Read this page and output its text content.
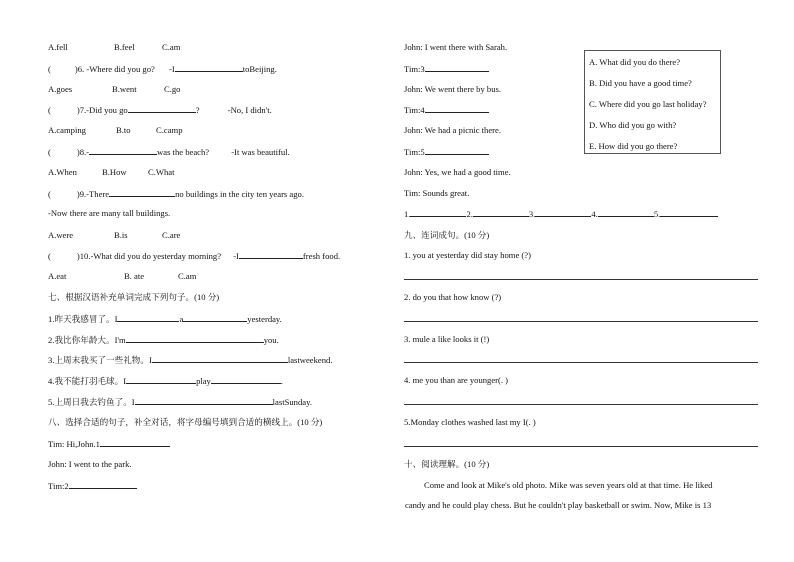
A.fell	B.feel	C.am
(	)6. -Where did you go? -I	toBeijing.
A.goes	B.went	C.go
(	)7.-Did you go	?	-No, I didn't.
A.camping	B.to	C.camp
(	)8.-	was the beach?	-It was beautiful.
A.When	B.How C.What
(	)9.-There	no buildings in the city ten years ago.
-Now there are many tall buildings.
A.were	B.is	C.are
(	)10.-What did you do yesterday morning? -I	fresh food.
A.eat	B. ate	C.am
七、根据汉语补充单词完成下列句子。(10 分)
1.昨天我感冒了。I	a	yesterday.
2.我比你年龄大。I'm	you.
3.上周末我买了一些礼物。I	lastweekend.
4.我不能打羽毛球。I	play	.
5.上周日我去钓鱼了。I	lastSunday.
八、选择合适的句子，补全对话，将字母编号填到合适的横线上。(10 分)
Tim: Hi,John.1
John: I went to the park.
Tim:2
John: I went there with Sarah.
Tim:3
John: We went there by bus.
Tim:4
John: We had a picnic there.
Tim:5
John: Yes, we had a good time.
Tim: Sounds great.
A. What did you do there?
B. Did you have a good time?
C. Where did you go last holiday?
D. Who did you go with?
E. How did you go there?
1.	2.	3.	4.	5.
九、连词成句。(10 分)
1. you at yesterday did stay home (?)
2. do you that how know (?)
3. mule a like looks it (!)
4. me you than are younger(. )
5.Monday clothes washed last my I(. )
十、阅读理解。(10 分)
Come and look at Mike's old photo. Mike was seven years old at that time. He liked
candy and he could play chess. But he couldn't play basketball or swim. Now, Mike is 13
